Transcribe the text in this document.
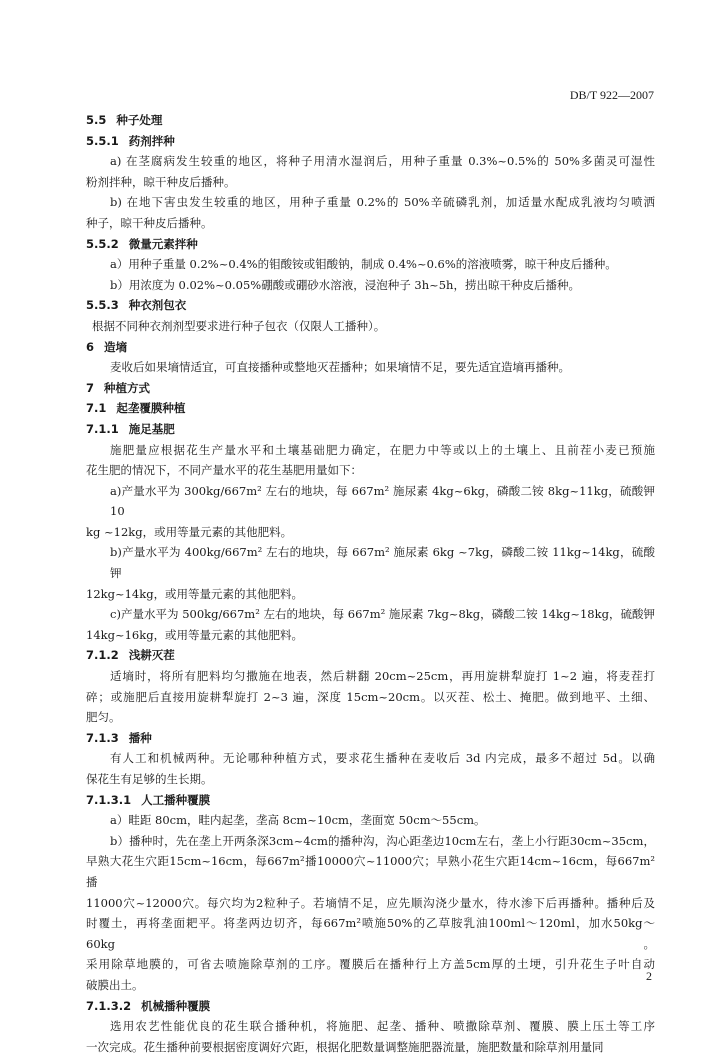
DB/T 922—2007
5.5 种子处理
5.5.1 药剂拌种
a) 在茎腐病发生较重的地区，将种子用清水湿润后，用种子重量 0.3%~0.5%的 50%多菌灵可湿性
粉剂拌种，晾干种皮后播种。
b) 在地下害虫发生较重的地区，用种子重量 0.2%的 50%辛硫磷乳剂，加适量水配成乳液均匀喷洒
种子，晾干种皮后播种。
5.5.2 微量元素拌种
a）用种子重量 0.2%~0.4%的钼酸铵或钼酸钠，制成 0.4%~0.6%的溶液喷雾，晾干种皮后播种。
b）用浓度为 0.02%~0.05%硼酸或硼砂水溶液，浸泡种子 3h~5h，捞出晾干种皮后播种。
5.5.3 种衣剂包衣
根据不同种衣剂剂型要求进行种子包衣（仅限人工播种）。
6 造墒
麦收后如果墒情适宜，可直接播种或整地灭茬播种；如果墒情不足，要先适宜造墒再播种。
7 种植方式
7.1 起垄覆膜种植
7.1.1 施足基肥
施肥量应根据花生产量水平和土壤基础肥力确定，在肥力中等或以上的土壤上、且前茬小麦已预施
花生肥的情况下，不同产量水平的花生基肥用量如下：
a)产量水平为 300kg/667m² 左右的地块，每 667m² 施尿素 4kg~6kg，磷酸二铵 8kg~11kg，硫酸钾 10
kg ~12kg，或用等量元素的其他肥料。
b)产量水平为 400kg/667m² 左右的地块，每 667m² 施尿素 6kg ~7kg，磷酸二铵 11kg~14kg，硫酸钾
12kg~14kg，或用等量元素的其他肥料。
c)产量水平为 500kg/667m² 左右的地块，每 667m² 施尿素 7kg~8kg，磷酸二铵 14kg~18kg，硫酸钾
14kg~16kg，或用等量元素的其他肥料。
7.1.2 浅耕灭茬
适墒时，将所有肥料均匀撒施在地表，然后耕翻 20cm~25cm，再用旋耕犁旋打 1~2 遍，将麦茬打
碎；或施肥后直接用旋耕犁旋打 2~3 遍，深度 15cm~20cm。以灭茬、松土、掩肥。做到地平、土细、
肥匀。
7.1.3 播种
有人工和机械两种。无论哪种种植方式，要求花生播种在麦收后 3d 内完成，最多不超过 5d。以确
保花生有足够的生长期。
7.1.3.1 人工播种覆膜
a）畦距 80cm，畦内起垄，垄高 8cm~10cm，垄面宽 50cm～55cm。
b）播种时，先在垄上开两条深3cm~4cm的播种沟，沟心距垄边10cm左右，垄上小行距30cm~35cm，
早熟大花生穴距15cm~16cm，每667m²播10000穴~11000穴；早熟小花生穴距14cm~16cm，每667m²播
11000穴~12000穴。每穴均为2粒种子。若墒情不足，应先顺沟浇少量水，待水渗下后再播种。播种后及
时覆土，再将垄面耙平。将垄两边切齐，每667m²喷施50%的乙草胺乳油100ml～120ml，加水50kg～60kg。
采用除草地膜的，可省去喷施除草剂的工序。覆膜后在播种行上方盖5cm厚的土埂，引升花生子叶自动
破膜出土。
7.1.3.2 机械播种覆膜
选用农艺性能优良的花生联合播种机，将施肥、起垄、播种、喷撒除草剂、覆膜、膜上压土等工序
一次完成。花生播种前要根据密度调好穴距，根据化肥数量调整施肥器流量，施肥数量和除草剂用量同
2
